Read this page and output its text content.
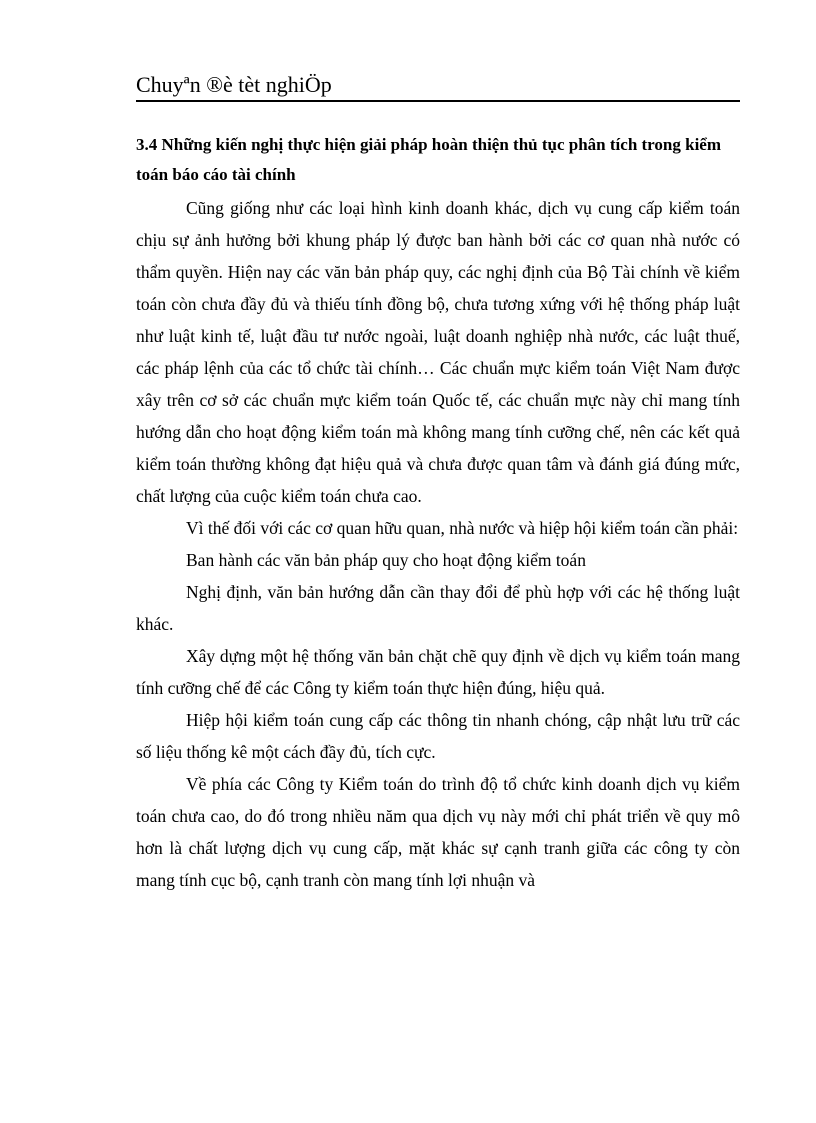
Chuyªn ®è tèt nghiÖp

3.4 Những kiến nghị thực hiện giải pháp hoàn thiện thủ tục phân tích trong kiểm toán báo cáo tài chính

Cũng giống như các loại hình kinh doanh khác, dịch vụ cung cấp kiểm toán chịu sự ảnh hưởng bởi khung pháp lý được ban hành bởi các cơ quan nhà nước có thẩm quyền. Hiện nay các văn bản pháp quy, các nghị định của Bộ Tài chính về kiểm toán còn chưa đầy đủ và thiếu tính đồng bộ, chưa tương xứng với hệ thống pháp luật như luật kinh tế, luật đầu tư nước ngoài, luật doanh nghiệp nhà nước, các luật thuế, các pháp lệnh của các tổ chức tài chính… Các chuẩn mực kiểm toán Việt Nam được xây trên cơ sở các chuẩn mực kiểm toán Quốc tế, các chuẩn mực này chỉ mang tính hướng dẫn cho hoạt động kiểm toán mà không mang tính cưỡng chế, nên các kết quả kiểm toán thường không đạt hiệu quả và chưa được quan tâm và đánh giá đúng mức, chất lượng của cuộc kiểm toán chưa cao.

Vì thế đối với các cơ quan hữu quan, nhà nước và hiệp hội kiểm toán cần phải:

Ban hành các văn bản pháp quy cho hoạt động kiểm toán

Nghị định, văn bản hướng dẫn cần thay đổi để phù hợp với các hệ thống luật khác.

Xây dựng một hệ thống văn bản chặt chẽ quy định về dịch vụ kiểm toán mang tính cưỡng chế để các Công ty kiểm toán thực hiện đúng, hiệu quả.

Hiệp hội kiểm toán cung cấp các thông tin nhanh chóng, cập nhật lưu trữ các số liệu thống kê một cách đầy đủ, tích cực.

Về phía các Công ty Kiểm toán do trình độ tổ chức kinh doanh dịch vụ kiểm toán chưa cao, do đó trong nhiều năm qua dịch vụ này mới chỉ phát triển về quy mô hơn là chất lượng dịch vụ cung cấp, mặt khác sự cạnh tranh giữa các công ty còn mang tính cục bộ, cạnh tranh còn mang tính lợi nhuận và
